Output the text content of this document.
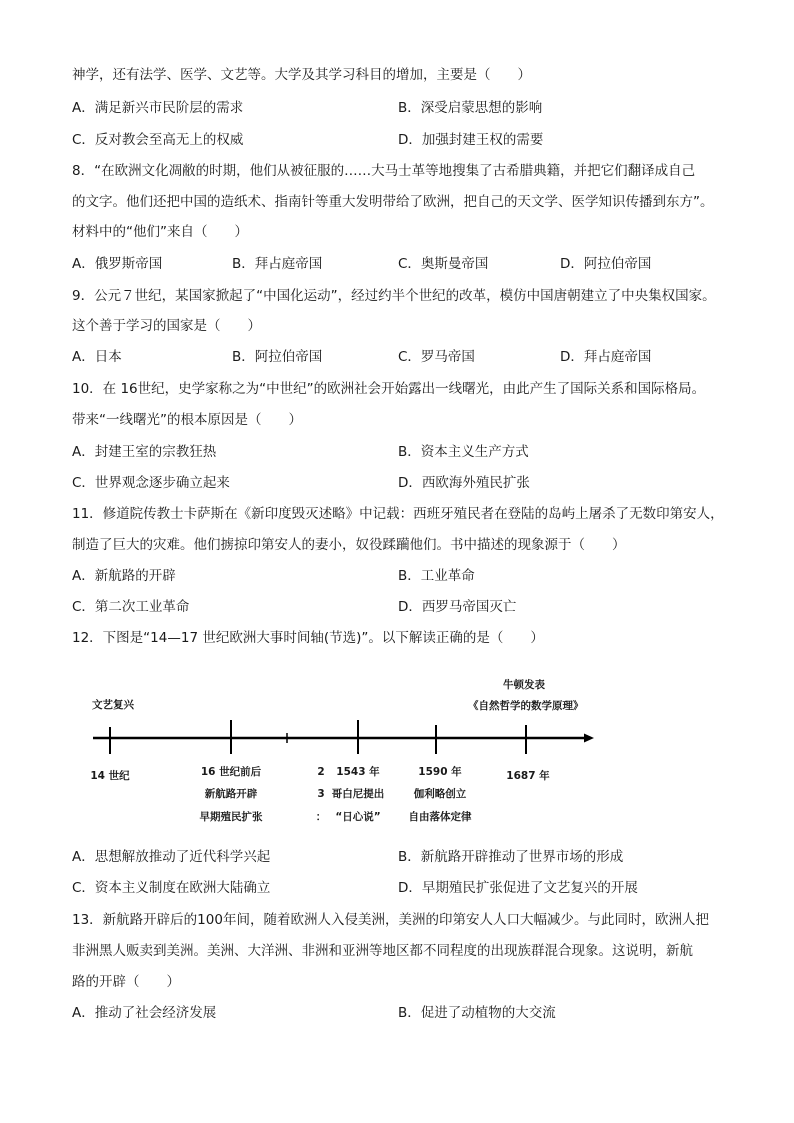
神学，还有法学、医学、文艺等。大学及其学习科目的增加，主要是（　　）
A．满足新兴市民阶层的需求	B．深受启蒙思想的影响
C．反对教会至高无上的权威	D．加强封建王权的需要
8．“在欧洲文化凋敝的时期，他们从被征服的……大马士革等地搜集了古希腊典籍，并把它们翻译成自己
的文字。他们还把中国的造纸术、指南针等重大发明带给了欧洲，把自己的天文学、医学知识传播到东方”。
材料中的“他们”来自（　　）
A．俄罗斯帝国	B．拜占庭帝国	C．奥斯曼帝国	D．阿拉伯帝国
9．公元７世纪，某国家掀起了“中国化运动”，经过约半个世纪的改革，模仿中国唐朝建立了中央集权国家。
这个善于学习的国家是（　　）
A．日本	B．阿拉伯帝国	C．罗马帝国	D．拜占庭帝国
10．在 16世纪，史学家称之为“中世纪”的欧洲社会开始露出一线曙光，由此产生了国际关系和国际格局。
带来“一线曙光”的根本原因是（　　）
A．封建王室的宗教狂热	B．资本主义生产方式
C．世界观念逐步确立起来	D．西欧海外殖民扩张
11．修道院传教士卡萨斯在《新印度毁灭述略》中记载：西班牙殖民者在登陆的岛屿上屠杀了无数印第安人，
制造了巨大的灾难。他们掳掠印第安人的妻小，奴役蹂躏他们。书中描述的现象源于（　　）
A．新航路的开辟	B．工业革命
C．第二次工业革命	D．西罗马帝国灭亡
12．下图是“14—17 世纪欧洲大事时间轴(节选)”。以下解读正确的是（　　）
文艺复兴
牛顿发表
《自然哲学的数学原理》
14 世纪	16 世纪前后
新航路开辟
早期殖民扩张
2
3
：
1543 年
哥白尼提出
“日心说”
1590 年
伽利略创立
自由落体定律
1687 年
A．思想解放推动了近代科学兴起	B．新航路开辟推动了世界市场的形成
C．资本主义制度在欧洲大陆确立	D．早期殖民扩张促进了文艺复兴的开展
13．新航路开辟后的100年间，随着欧洲人入侵美洲，美洲的印第安人人口大幅减少。与此同时，欧洲人把
非洲黑人贩卖到美洲。美洲、大洋洲、非洲和亚洲等地区都不同程度的出现族群混合现象。这说明，新航
路的开辟（　　）
A．推动了社会经济发展	B．促进了动植物的大交流
